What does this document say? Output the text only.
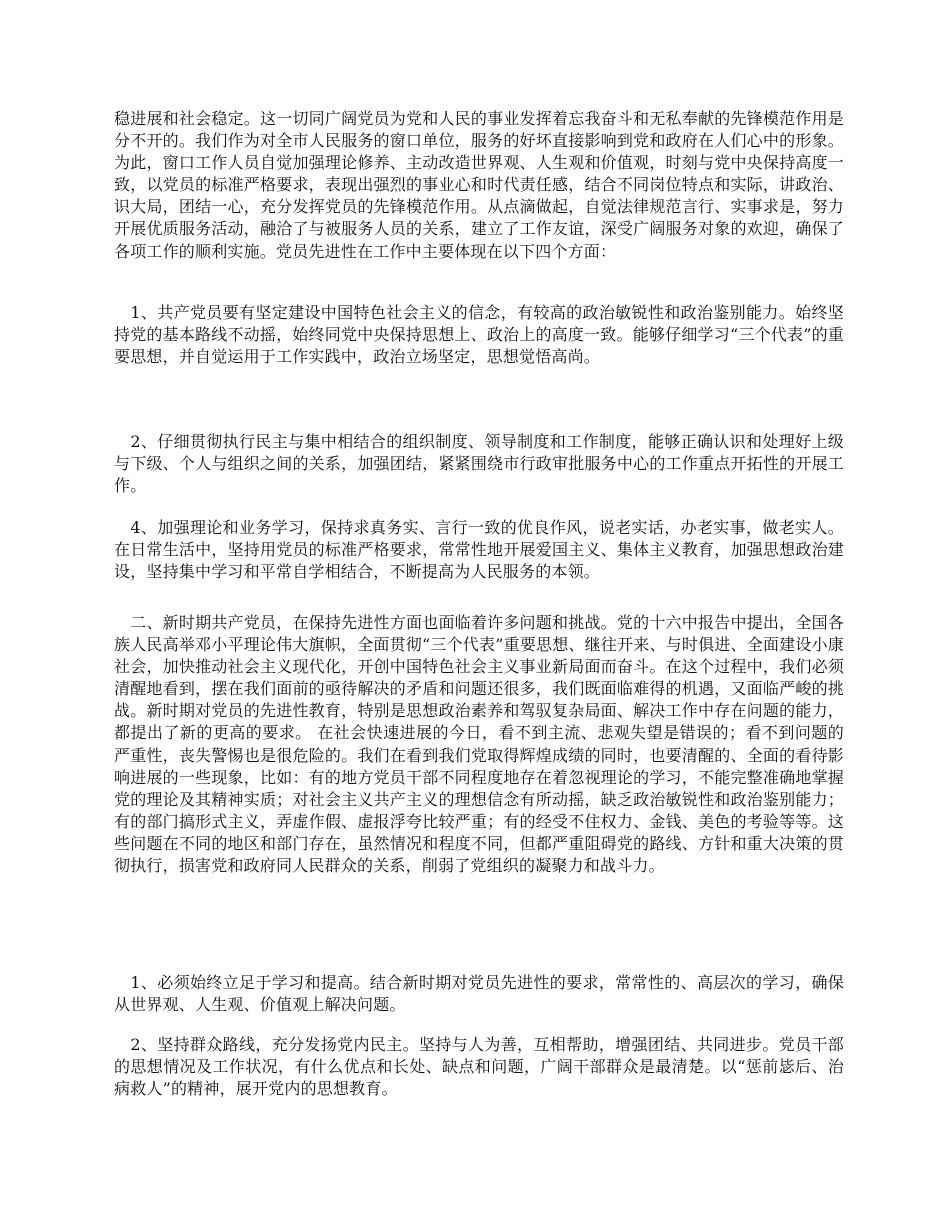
稳进展和社会稳定。这一切同广阔党员为党和人民的事业发挥着忘我奋斗和无私奉献的先锋模范作用是分不开的。我们作为对全市人民服务的窗口单位，服务的好坏直接影响到党和政府在人们心中的形象。为此，窗口工作人员自觉加强理论修养、主动改造世界观、人生观和价值观，时刻与党中央保持高度一致，以党员的标准严格要求，表现出强烈的事业心和时代责任感，结合不同岗位特点和实际，讲政治、识大局，团结一心，充分发挥党员的先锋模范作用。从点滴做起，自觉法律规范言行、实事求是，努力开展优质服务活动，融洽了与被服务人员的关系，建立了工作友谊，深受广阔服务对象的欢迎，确保了各项工作的顺利实施。党员先进性在工作中主要体现在以下四个方面：

　1、共产党员要有坚定建设中国特色社会主义的信念，有较高的政治敏锐性和政治鉴别能力。始终坚持党的基本路线不动摇，始终同党中央保持思想上、政治上的高度一致。能够仔细学习“三个代表”的重要思想，并自觉运用于工作实践中，政治立场坚定，思想觉悟高尚。

　2、仔细贯彻执行民主与集中相结合的组织制度、领导制度和工作制度，能够正确认识和处理好上级与下级、个人与组织之间的关系，加强团结，紧紧围绕市行政审批服务中心的工作重点开拓性的开展工作。

　4、加强理论和业务学习，保持求真务实、言行一致的优良作风，说老实话，办老实事，做老实人。在日常生活中，坚持用党员的标准严格要求，常常性地开展爱国主义、集体主义教育，加强思想政治建设，坚持集中学习和平常自学相结合，不断提高为人民服务的本领。

　二、新时期共产党员，在保持先进性方面也面临着许多问题和挑战。党的十六中报告中提出，全国各族人民高举邓小平理论伟大旗帜，全面贯彻“三个代表”重要思想、继往开来、与时俱进、全面建设小康社会，加快推动社会主义现代化，开创中国特色社会主义事业新局面而奋斗。在这个过程中，我们必须清醒地看到，摆在我们面前的亟待解决的矛盾和问题还很多，我们既面临难得的机遇，又面临严峻的挑战。新时期对党员的先进性教育，特别是思想政治素养和驾驭复杂局面、解决工作中存在问题的能力，都提出了新的更高的要求。 在社会快速进展的今日，看不到主流、悲观失望是错误的；看不到问题的严重性，丧失警惕也是很危险的。我们在看到我们党取得辉煌成绩的同时，也要清醒的、全面的看待影响进展的一些现象，比如：有的地方党员干部不同程度地存在着忽视理论的学习，不能完整准确地掌握党的理论及其精神实质；对社会主义共产主义的理想信念有所动摇，缺乏政治敏锐性和政治鉴别能力；有的部门搞形式主义，弄虚作假、虚报浮夸比较严重；有的经受不住权力、金钱、美色的考验等等。这些问题在不同的地区和部门存在，虽然情况和程度不同，但都严重阻碍党的路线、方针和重大决策的贯彻执行，损害党和政府同人民群众的关系，削弱了党组织的凝聚力和战斗力。

　1、必须始终立足于学习和提高。结合新时期对党员先进性的要求，常常性的、高层次的学习，确保从世界观、人生观、价值观上解决问题。

　2、坚持群众路线，充分发扬党内民主。坚持与人为善，互相帮助，增强团结、共同进步。党员干部的思想情况及工作状况，有什么优点和长处、缺点和问题，广阔干部群众是最清楚。以“惩前毖后、治病救人”的精神，展开党内的思想教育。
